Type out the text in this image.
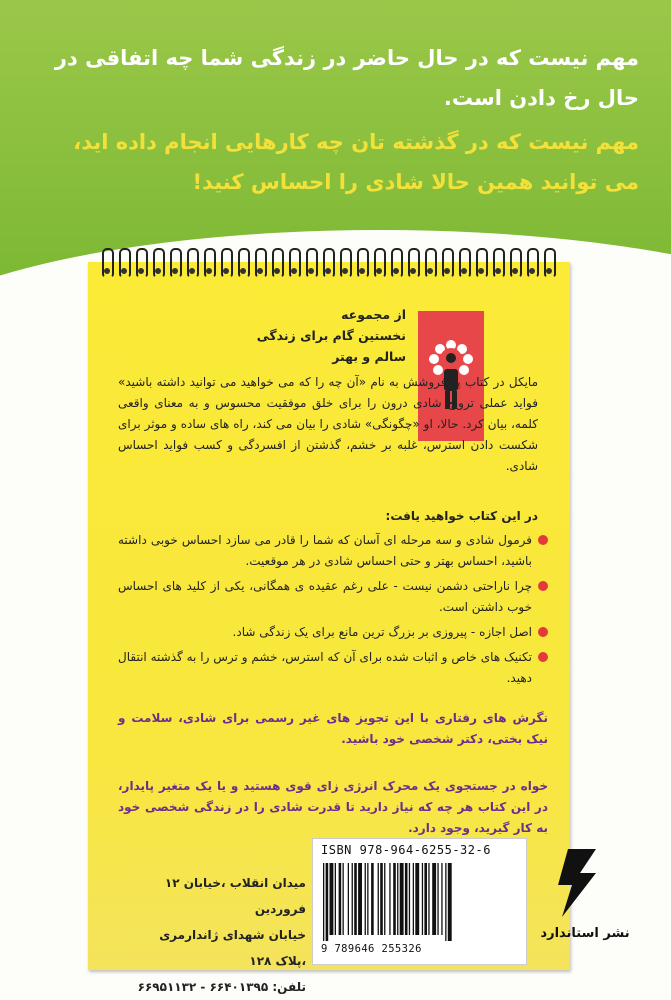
مهم نیست که در حال حاضر در زندگی شما چه اتفاقی در
حال رخ دادن است.

مهم نیست که در گذشته تان چه کارهایی انجام داده اید،
می توانید همین حالا شادی را احساس کنید!

از مجموعه
نخستین گام برای زندگی
سالم و بهتر

مایکل در کتاب پر فروشش به نام «آن چه را که می خواهید می توانید داشته باشید» فواید عملی ترویج شادی درون را برای خلق موفقیت محسوس و به معنای واقعی کلمه، بیان کرد. حالا، او «چگونگی» شادی را بیان می کند، راه های ساده و موثر برای شکست دادن استرس، غلبه بر خشم، گذشتن از افسردگی و کسب فواید احساس شادی.

در این کتاب خواهید یافت:

فرمول شادی و سه مرحله ای آسان که شما را قادر می سازد احساس خوبی داشته باشید، احساس بهتر و حتی احساس شادی در هر موقعیت.
چرا ناراحتی دشمن نیست - علی رغم عقیده ی همگانی، یکی از کلید های احساس خوب داشتن است.
اصل اجازه - پیروزی بر بزرگ ترین مانع برای یک زندگی شاد.
تکنیک های خاص و اثبات شده برای آن که استرس، خشم و ترس را به گذشته انتقال دهید.

نگرش های رفتاری با این تجویز های غیر رسمی برای شادی، سلامت و نیک بختی، دکتر شخصی خود باشید.

خواه در جستجوی یک محرک انرژی زای قوی هستید و یا یک متغیر پایدار، در این کتاب هر چه که نیاز دارید تا قدرت شادی را در زندگی شخصی خود به کار گیرید، وجود دارد.

میدان انقلاب ،خیابان ۱۲ فروردین
خیابان شهدای ژاندارمری ،پلاک ۱۲۸
تلفن: ۶۶۴۰۱۳۹۵ - ۶۶۹۵۱۱۳۲
ISBN 978-964-6255-32-6
9 789646 255326
نشر استاندارد
